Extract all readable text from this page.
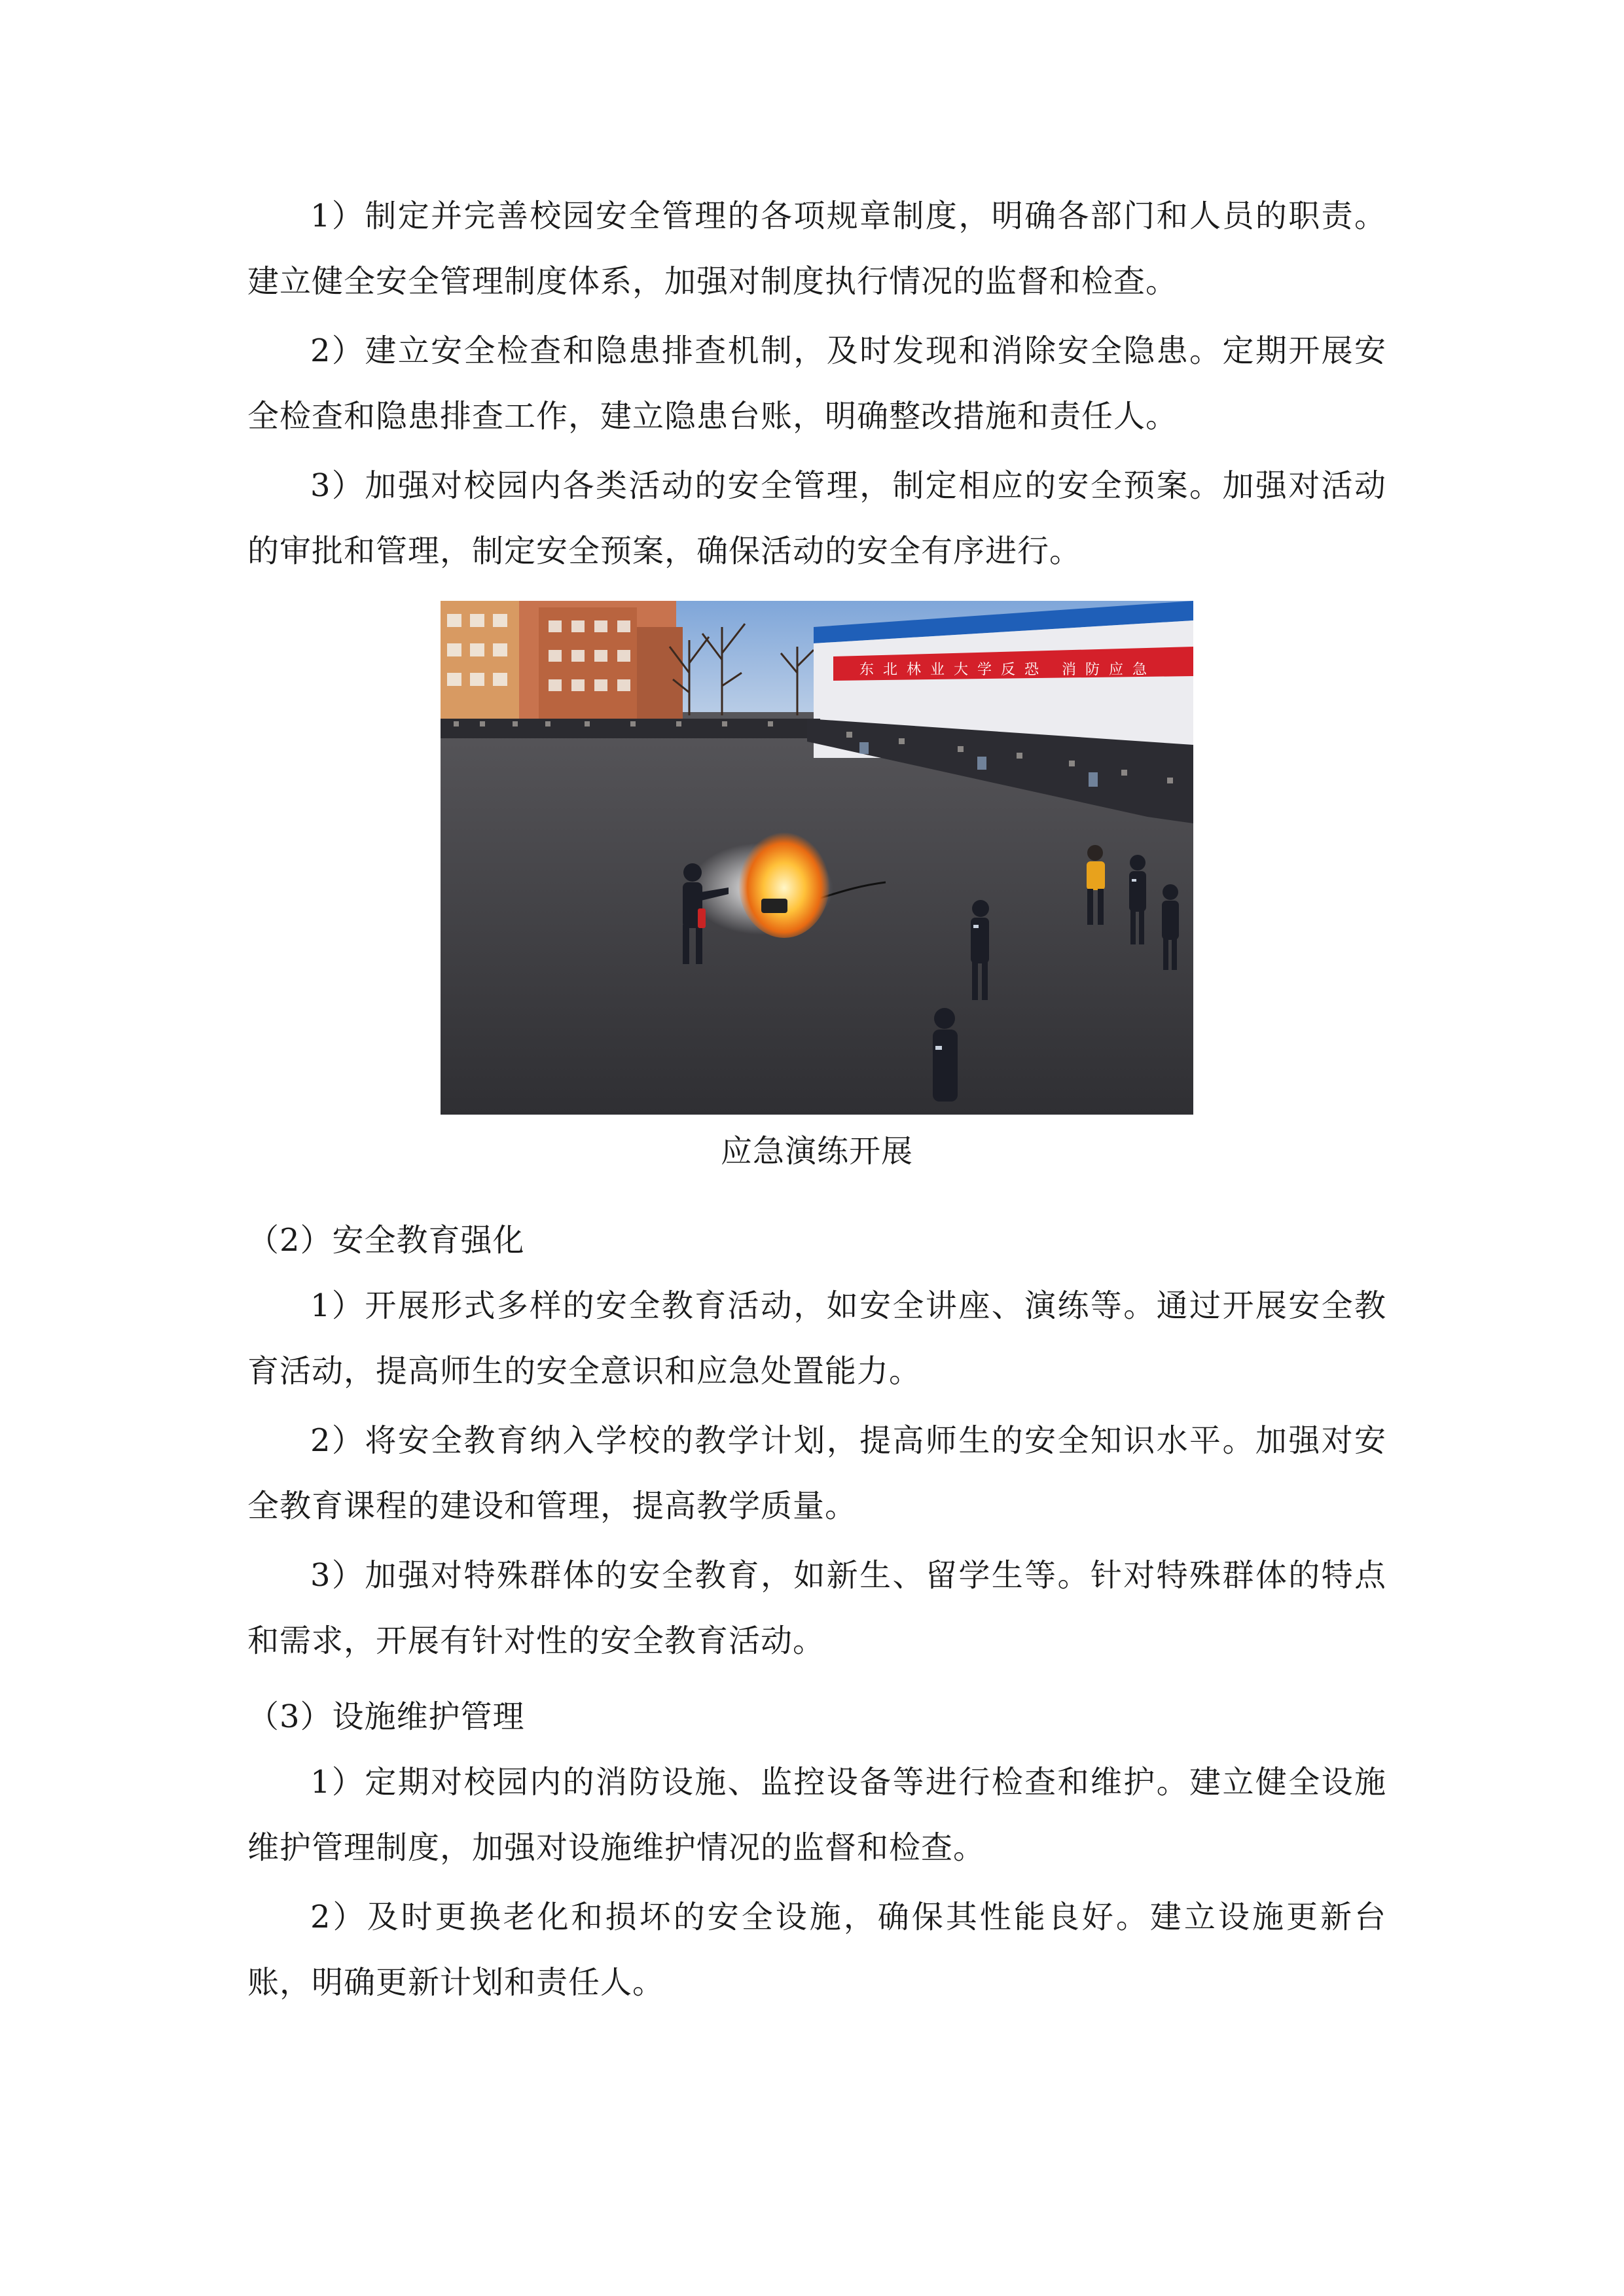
1）制定并完善校园安全管理的各项规章制度，明确各部门和人员的职责。建立健全安全管理制度体系，加强对制度执行情况的监督和检查。

2）建立安全检查和隐患排查机制，及时发现和消除安全隐患。定期开展安全检查和隐患排查工作，建立隐患台账，明确整改措施和责任人。

3）加强对校园内各类活动的安全管理，制定相应的安全预案。加强对活动的审批和管理，制定安全预案，确保活动的安全有序进行。

东北林业大学反恐 消防应急
应急演练开展

（2）安全教育强化

1）开展形式多样的安全教育活动，如安全讲座、演练等。通过开展安全教育活动，提高师生的安全意识和应急处置能力。

2）将安全教育纳入学校的教学计划，提高师生的安全知识水平。加强对安全教育课程的建设和管理，提高教学质量。

3）加强对特殊群体的安全教育，如新生、留学生等。针对特殊群体的特点和需求，开展有针对性的安全教育活动。

（3）设施维护管理

1）定期对校园内的消防设施、监控设备等进行检查和维护。建立健全设施维护管理制度，加强对设施维护情况的监督和检查。

2）及时更换老化和损坏的安全设施，确保其性能良好。建立设施更新台账，明确更新计划和责任人。
